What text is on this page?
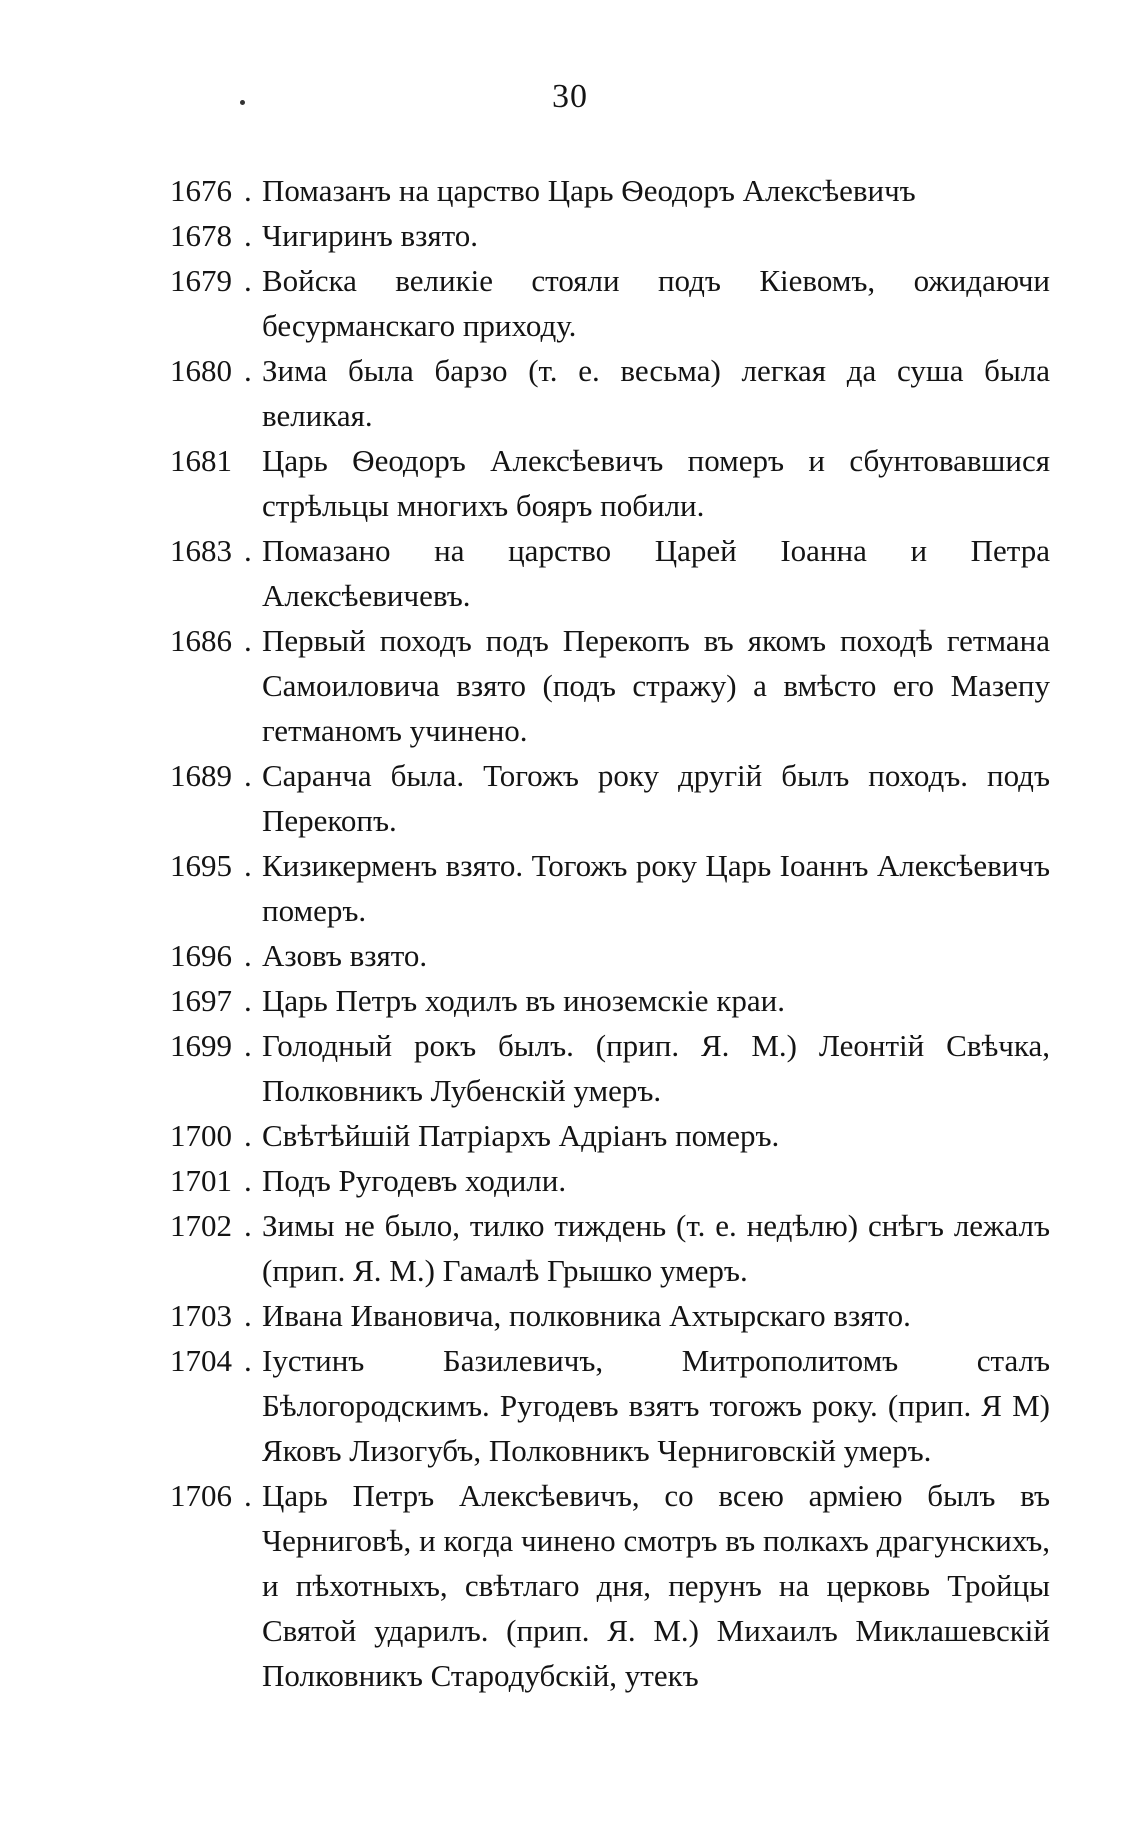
30
1676 . Помазанъ на царство Царь Ѳеодоръ Алексѣевичъ
1678 . Чигиринъ взято.
1679 . Войска великіе стояли подъ Кіевомъ, ожидаючи бесурманскаго приходу.
1680 . Зима была барзо (т. е. весьма) легкая да суша была великая.
1681 Царь Ѳеодоръ Алексѣевичъ померъ и сбунтовавшися стрѣльцы многихъ бояръ побили.
1683 . Помазано на царство Царей Іоанна и Петра Алексѣевичевъ.
1686 . Первый походъ подъ Перекопъ въ якомъ походѣ гетмана Самоиловича взято (подъ стражу) а вмѣсто его Мазепу гетманомъ учинено.
1689 . Саранча была. Тогожъ року другій былъ походъ. подъ Перекопъ.
1695 . Кизикерменъ взято. Тогожъ року Царь Іоаннъ Алексѣевичъ померъ.
1696 . Азовъ взято.
1697 . Царь Петръ ходилъ въ иноземскіе краи.
1699 . Голодный рокъ былъ. (прип. Я. М.) Леонтій Свѣчка, Полковникъ Лубенскій умеръ.
1700 . Свѣтѣйшій Патріархъ Адріанъ померъ.
1701 . Подъ Ругодевъ ходили.
1702 . Зимы не было, тилко тиждень (т. е. недѣлю) снѣгъ лежалъ (прип. Я. М.) Гамалѣ Грышко умеръ.
1703 . Ивана Ивановича, полковника Ахтырскаго взято.
1704 . Іустинъ Базилевичъ, Митрополитомъ сталъ Бѣлогородскимъ. Ругодевъ взятъ тогожъ року. (прип. Я М) Яковъ Лизогубъ, Полковникъ Черниговскій умеръ.
1706 . Царь Петръ Алексѣевичъ, со всею арміею былъ въ Черниговѣ, и когда чинено смотръ въ полкахъ драгунскихъ, и пѣхотныхъ, свѣтлаго дня, перунъ на церковь Тройцы Святой ударилъ. (прип. Я. М.) Михаилъ Миклашевскій Полковникъ Стародубскій, утекъ
